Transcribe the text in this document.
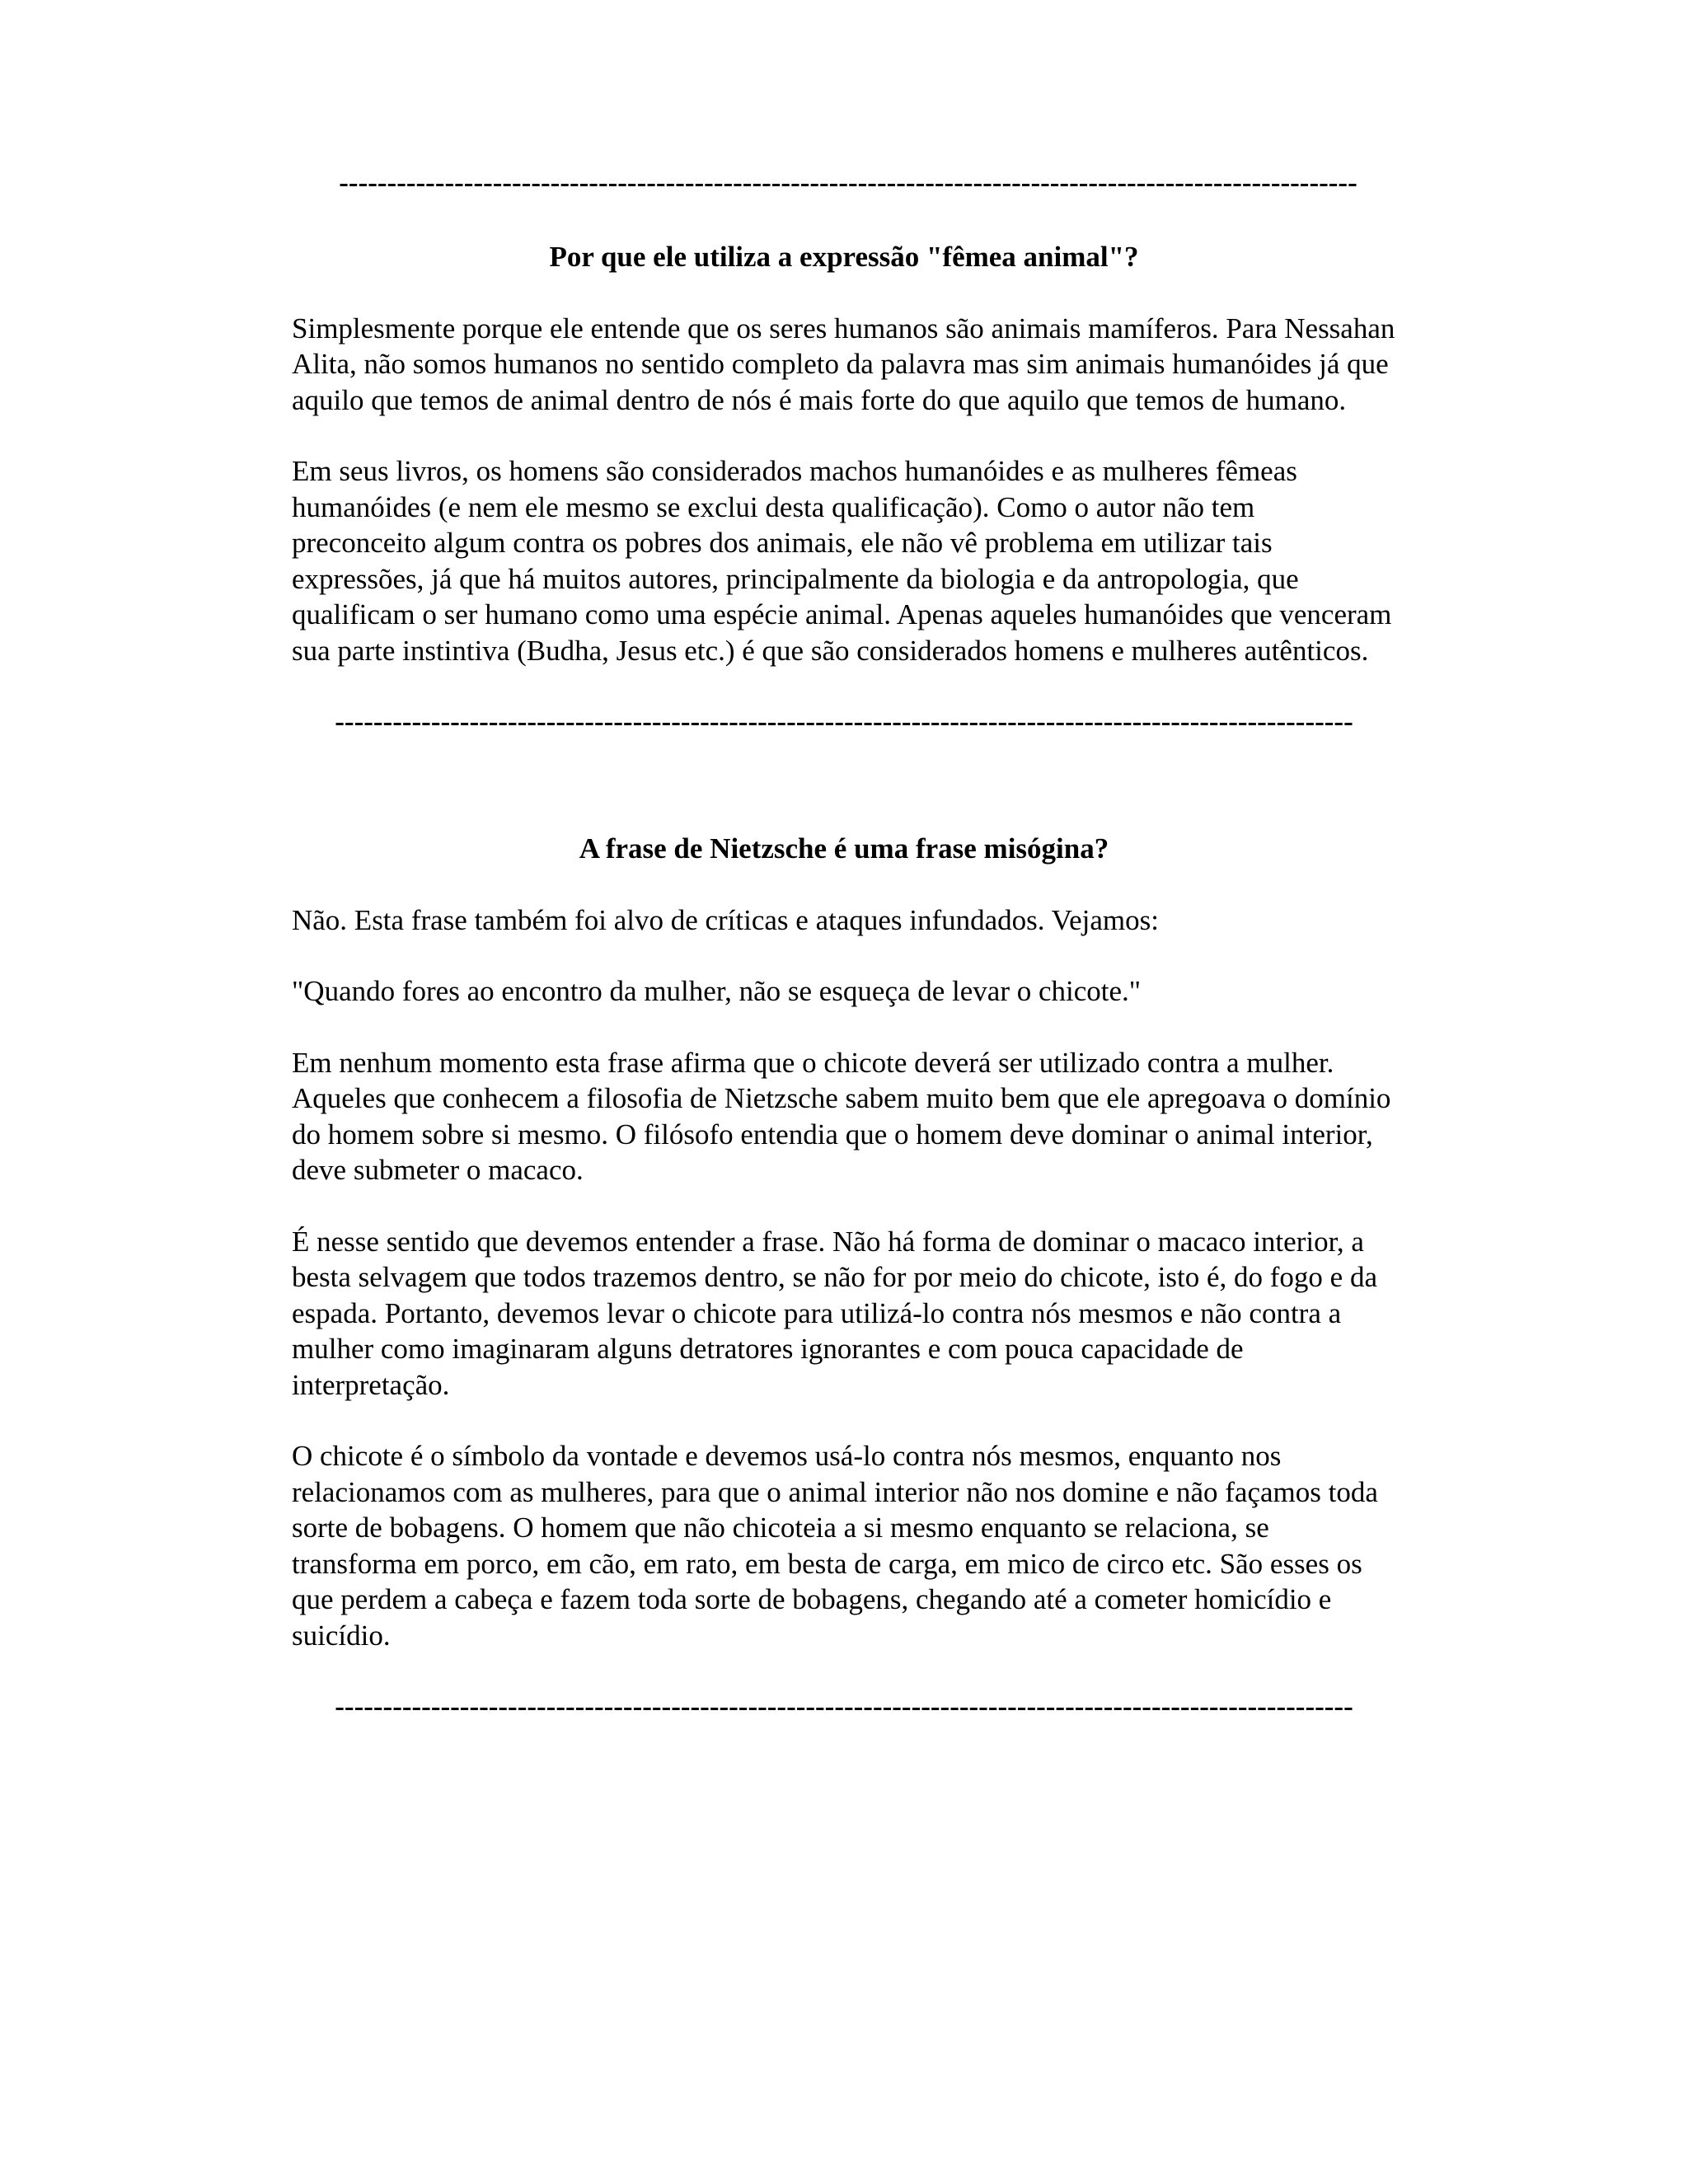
----------------------------------------------------------------------------------------------------------
Por que ele utiliza a expressão "fêmea animal"?

Simplesmente porque ele entende que os seres humanos são animais mamíferos. Para Nessahan Alita, não somos humanos no sentido completo da palavra mas sim animais humanóides já que aquilo que temos de animal dentro de nós é mais forte do que aquilo que temos de humano.

Em seus livros, os homens são considerados machos humanóides e as mulheres fêmeas humanóides (e nem ele mesmo se exclui desta qualificação). Como o autor não tem preconceito algum contra os pobres dos animais, ele não vê problema em utilizar tais expressões, já que há muitos autores, principalmente da biologia e da antropologia, que qualificam o ser humano como uma espécie animal. Apenas aqueles humanóides que venceram sua parte instintiva (Budha, Jesus etc.) é que são considerados homens e mulheres autênticos.

----------------------------------------------------------------------------------------------------------
A frase de Nietzsche é uma frase misógina?

Não. Esta frase também foi alvo de críticas e ataques infundados. Vejamos:

"Quando fores ao encontro da mulher, não se esqueça de levar o chicote."

Em nenhum momento esta frase afirma que o chicote deverá ser utilizado contra a mulher. Aqueles que conhecem a filosofia de Nietzsche sabem muito bem que ele apregoava o domínio do homem sobre si mesmo. O filósofo entendia que o homem deve dominar o animal interior, deve submeter o macaco.

É nesse sentido que devemos entender a frase. Não há forma de dominar o macaco interior, a besta selvagem que todos trazemos dentro, se não for por meio do chicote, isto é, do fogo e da espada. Portanto, devemos levar o chicote para utilizá-lo contra nós mesmos e não contra a mulher como imaginaram alguns detratores ignorantes e com pouca capacidade de interpretação.

O chicote é o símbolo da vontade e devemos usá-lo contra nós mesmos, enquanto nos relacionamos com as mulheres, para que o animal interior não nos domine e não façamos toda sorte de bobagens. O homem que não chicoteia a si mesmo enquanto se relaciona, se transforma em porco, em cão, em rato, em besta de carga, em mico de circo etc. São esses os que perdem a cabeça e fazem toda sorte de bobagens, chegando até a cometer homicídio e suicídio.

----------------------------------------------------------------------------------------------------------
